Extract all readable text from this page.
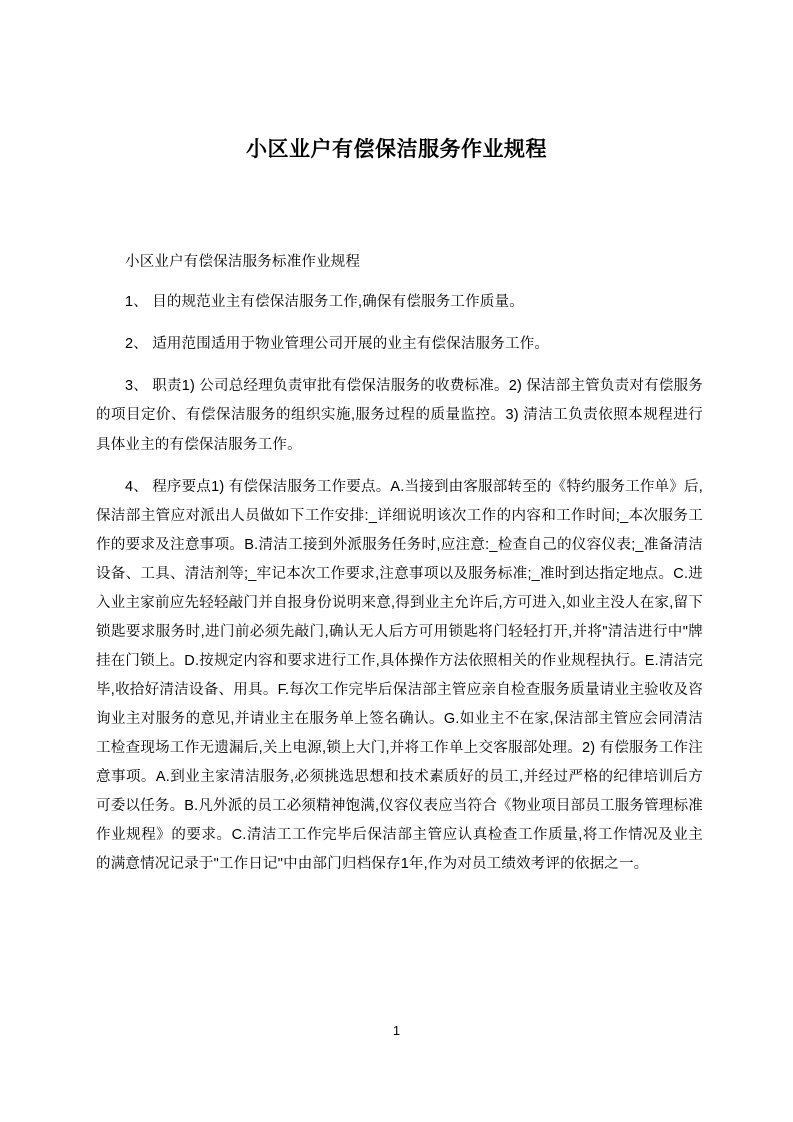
小区业户有偿保洁服务作业规程

小区业户有偿保洁服务标准作业规程

1、 目的规范业主有偿保洁服务工作,确保有偿服务工作质量。

2、 适用范围适用于物业管理公司开展的业主有偿保洁服务工作。

3、 职责1) 公司总经理负责审批有偿保洁服务的收费标准。2) 保洁部主管负责对有偿服务的项目定价、有偿保洁服务的组织实施,服务过程的质量监控。3) 清洁工负责依照本规程进行具体业主的有偿保洁服务工作。

4、 程序要点1) 有偿保洁服务工作要点。A.当接到由客服部转至的《特约服务工作单》后,保洁部主管应对派出人员做如下工作安排:_详细说明该次工作的内容和工作时间;_本次服务工作的要求及注意事项。B.清洁工接到外派服务任务时,应注意:_检查自己的仪容仪表;_准备清洁设备、工具、清洁剂等;_牢记本次工作要求,注意事项以及服务标准;_准时到达指定地点。C.进入业主家前应先轻轻敲门并自报身份说明来意,得到业主允许后,方可进入,如业主没人在家,留下锁匙要求服务时,进门前必须先敲门,确认无人后方可用锁匙将门轻轻打开,并将"清洁进行中"牌挂在门锁上。D.按规定内容和要求进行工作,具体操作方法依照相关的作业规程执行。E.清洁完毕,收拾好清洁设备、用具。F.每次工作完毕后保洁部主管应亲自检查服务质量请业主验收及咨询业主对服务的意见,并请业主在服务单上签名确认。G.如业主不在家,保洁部主管应会同清洁工检查现场工作无遗漏后,关上电源,锁上大门,并将工作单上交客服部处理。2) 有偿服务工作注意事项。A.到业主家清洁服务,必须挑选思想和技术素质好的员工,并经过严格的纪律培训后方可委以任务。B.凡外派的员工必须精神饱满,仪容仪表应当符合《物业项目部员工服务管理标准作业规程》的要求。C.清洁工工作完毕后保洁部主管应认真检查工作质量,将工作情况及业主的满意情况记录于"工作日记"中由部门归档保存1年,作为对员工绩效考评的依据之一。

1
